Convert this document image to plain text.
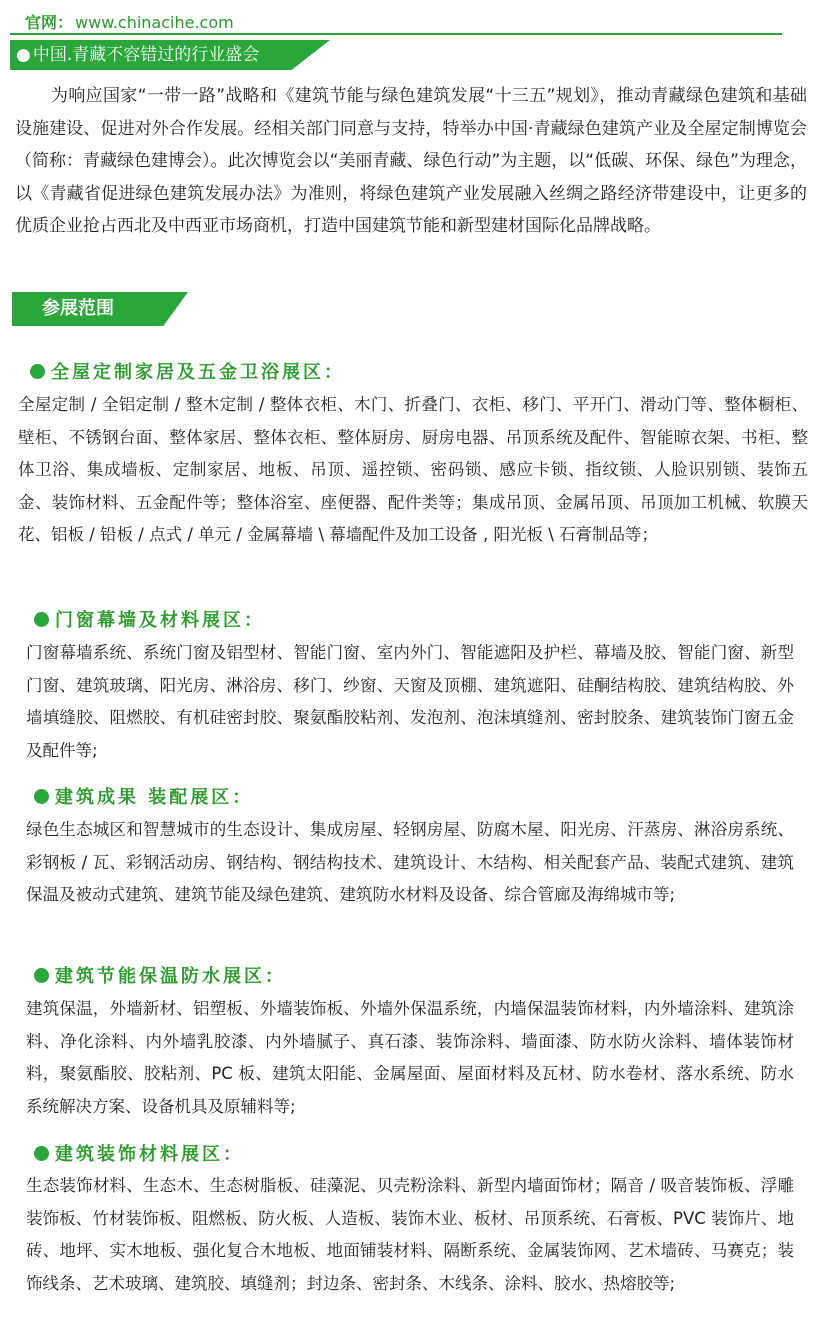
官网： www.chinacihe.com
● 中国.青藏不容错过的行业盛会

为响应国家“一带一路”战略和《建筑节能与绿色建筑发展“十三五”规划》，推动青藏绿色建筑和基础设施建设、促进对外合作发展。经相关部门同意与支持，特举办中国·青藏绿色建筑产业及全屋定制博览会（简称：青藏绿色建博会）。此次博览会以“美丽青藏、绿色行动”为主题，以“低碳、环保、绿色”为理念，以《青藏省促进绿色建筑发展办法》为准则，将绿色建筑产业发展融入丝绸之路经济带建设中，让更多的优质企业抢占西北及中西亚市场商机，打造中国建筑节能和新型建材国际化品牌战略。

参展范围
全屋定制家居及五金卫浴展区：

全屋定制 / 全铝定制 / 整木定制 / 整体衣柜、木门、折叠门、衣柜、移门、平开门、滑动门等、整体橱柜、壁柜、不锈钢台面、整体家居、整体衣柜、整体厨房、厨房电器、吊顶系统及配件、智能晾衣架、书柜、整体卫浴、集成墙板、定制家居、地板、吊顶、遥控锁、密码锁、感应卡锁、指纹锁、人脸识别锁、装饰五金、装饰材料、五金配件等；整体浴室、座便器、配件类等；集成吊顶、金属吊顶、吊顶加工机械、软膜天花、铝板 / 铅板 / 点式 / 单元 / 金属幕墙 \ 幕墙配件及加工设备 , 阳光板 \ 石膏制品等；

门窗幕墙及材料展区：

门窗幕墙系统、系统门窗及铝型材、智能门窗、室内外门、智能遮阳及护栏、幕墙及胶、智能门窗、新型门窗、建筑玻璃、阳光房、淋浴房、移门、纱窗、天窗及顶棚、建筑遮阳、硅酮结构胶、建筑结构胶、外墙填缝胶、阻燃胶、有机硅密封胶、聚氨酯胶粘剂、发泡剂、泡沫填缝剂、密封胶条、建筑装饰门窗五金及配件等;

建筑成果 装配展区：

绿色生态城区和智慧城市的生态设计、集成房屋、轻钢房屋、防腐木屋、阳光房、汗蒸房、淋浴房系统、彩钢板 / 瓦、彩钢活动房、钢结构、钢结构技术、建筑设计、木结构、相关配套产品、装配式建筑、建筑保温及被动式建筑、建筑节能及绿色建筑、建筑防水材料及设备、综合管廊及海绵城市等;

建筑节能保温防水展区：

建筑保温，外墙新材、铝塑板、外墙装饰板、外墙外保温系统，内墙保温装饰材料，内外墙涂料、建筑涂料、净化涂料、内外墙乳胶漆、内外墙腻子、真石漆、装饰涂料、墙面漆、防水防火涂料、墙体装饰材料，聚氨酯胶、胶粘剂、PC 板、建筑太阳能、金属屋面、屋面材料及瓦材、防水卷材、落水系统、防水系统解决方案、设备机具及原辅料等;

建筑装饰材料展区：

生态装饰材料、生态木、生态树脂板、硅藻泥、贝壳粉涂料、新型内墙面饰材；隔音 / 吸音装饰板、浮雕装饰板、竹材装饰板、阻燃板、防火板、人造板、装饰木业、板材、吊顶系统、石膏板、PVC 装饰片、地砖、地坪、实木地板、强化复合木地板、地面铺装材料、隔断系统、金属装饰网、艺术墙砖、马赛克；装饰线条、艺术玻璃、建筑胶、填缝剂；封边条、密封条、木线条、涂料、胶水、热熔胶等;
